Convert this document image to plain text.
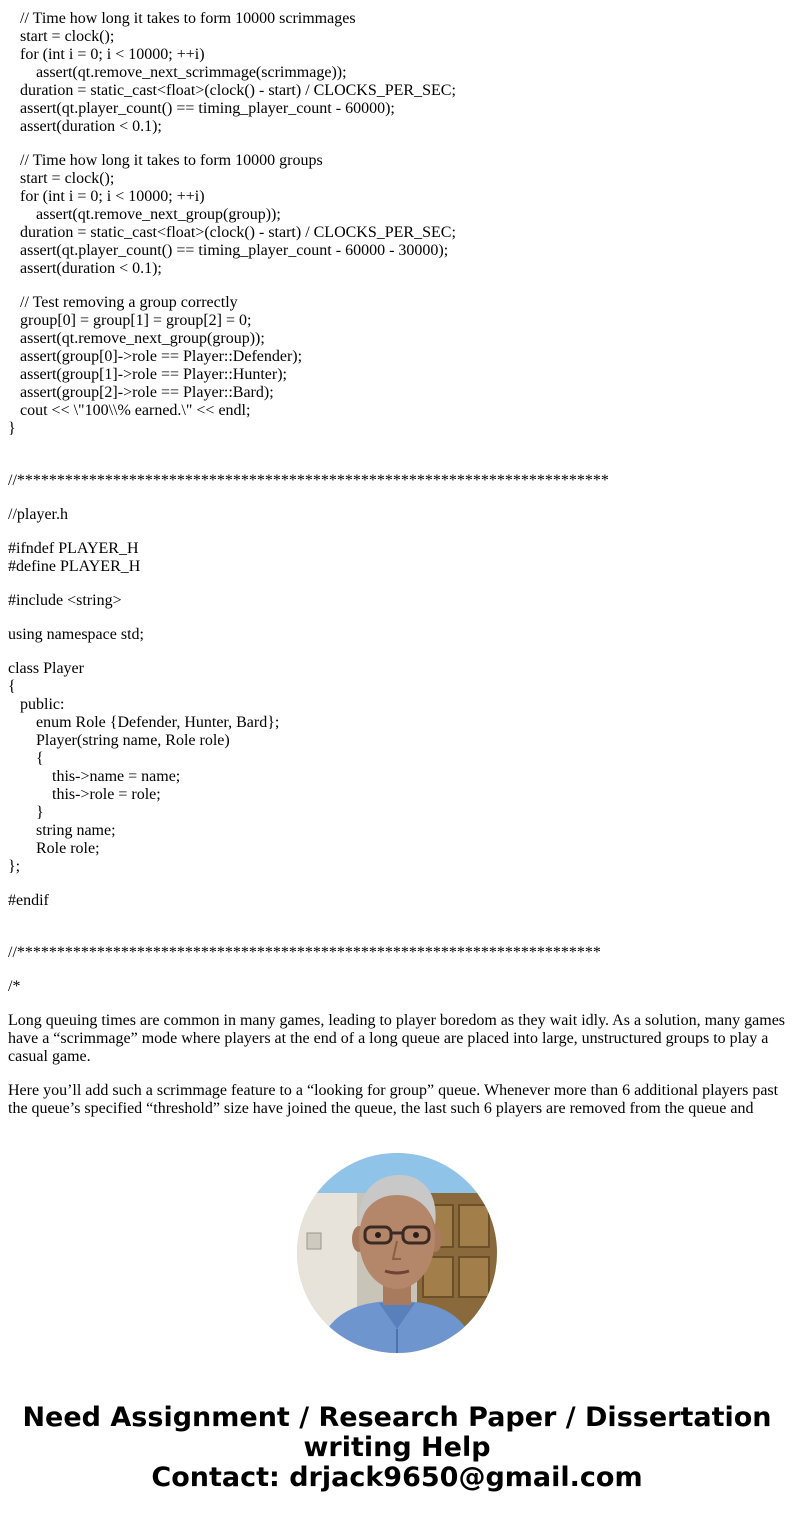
// Time how long it takes to form 10000 scrimmages
start = clock();
for (int i = 0; i < 10000; ++i)
assert(qt.remove_next_scrimmage(scrimmage));
duration = static_cast<float>(clock() - start) / CLOCKS_PER_SEC;
assert(qt.player_count() == timing_player_count - 60000);
assert(duration < 0.1);
// Time how long it takes to form 10000 groups
start = clock();
for (int i = 0; i < 10000; ++i)
assert(qt.remove_next_group(group));
duration = static_cast<float>(clock() - start) / CLOCKS_PER_SEC;
assert(qt.player_count() == timing_player_count - 60000 - 30000);
assert(duration < 0.1);
// Test removing a group correctly
group[0] = group[1] = group[2] = 0;
assert(qt.remove_next_group(group));
assert(group[0]->role == Player::Defender);
assert(group[1]->role == Player::Hunter);
assert(group[2]->role == Player::Bard);
cout << \"100\\% earned.\" << endl;
}
//**************************************************************************
//player.h
#ifndef PLAYER_H
#define PLAYER_H
#include <string>
using namespace std;
class Player
{
public:
enum Role {Defender, Hunter, Bard};
Player(string name, Role role)
{
this->name = name;
this->role = role;
}
string name;
Role role;
};
#endif
//*************************************************************************
/*

Long queuing times are common in many games, leading to player boredom as they wait idly. As a solution, many games have a “scrimmage” mode where players at the end of a long queue are placed into large, unstructured groups to play a casual game.

Here you’ll add such a scrimmage feature to a “looking for group” queue. Whenever more than 6 additional players past the queue’s specified “threshold” size have joined the queue, the last such 6 players are removed from the queue and

Need Assignment / Research Paper / Dissertation
writing Help
Contact: drjack9650@gmail.com
